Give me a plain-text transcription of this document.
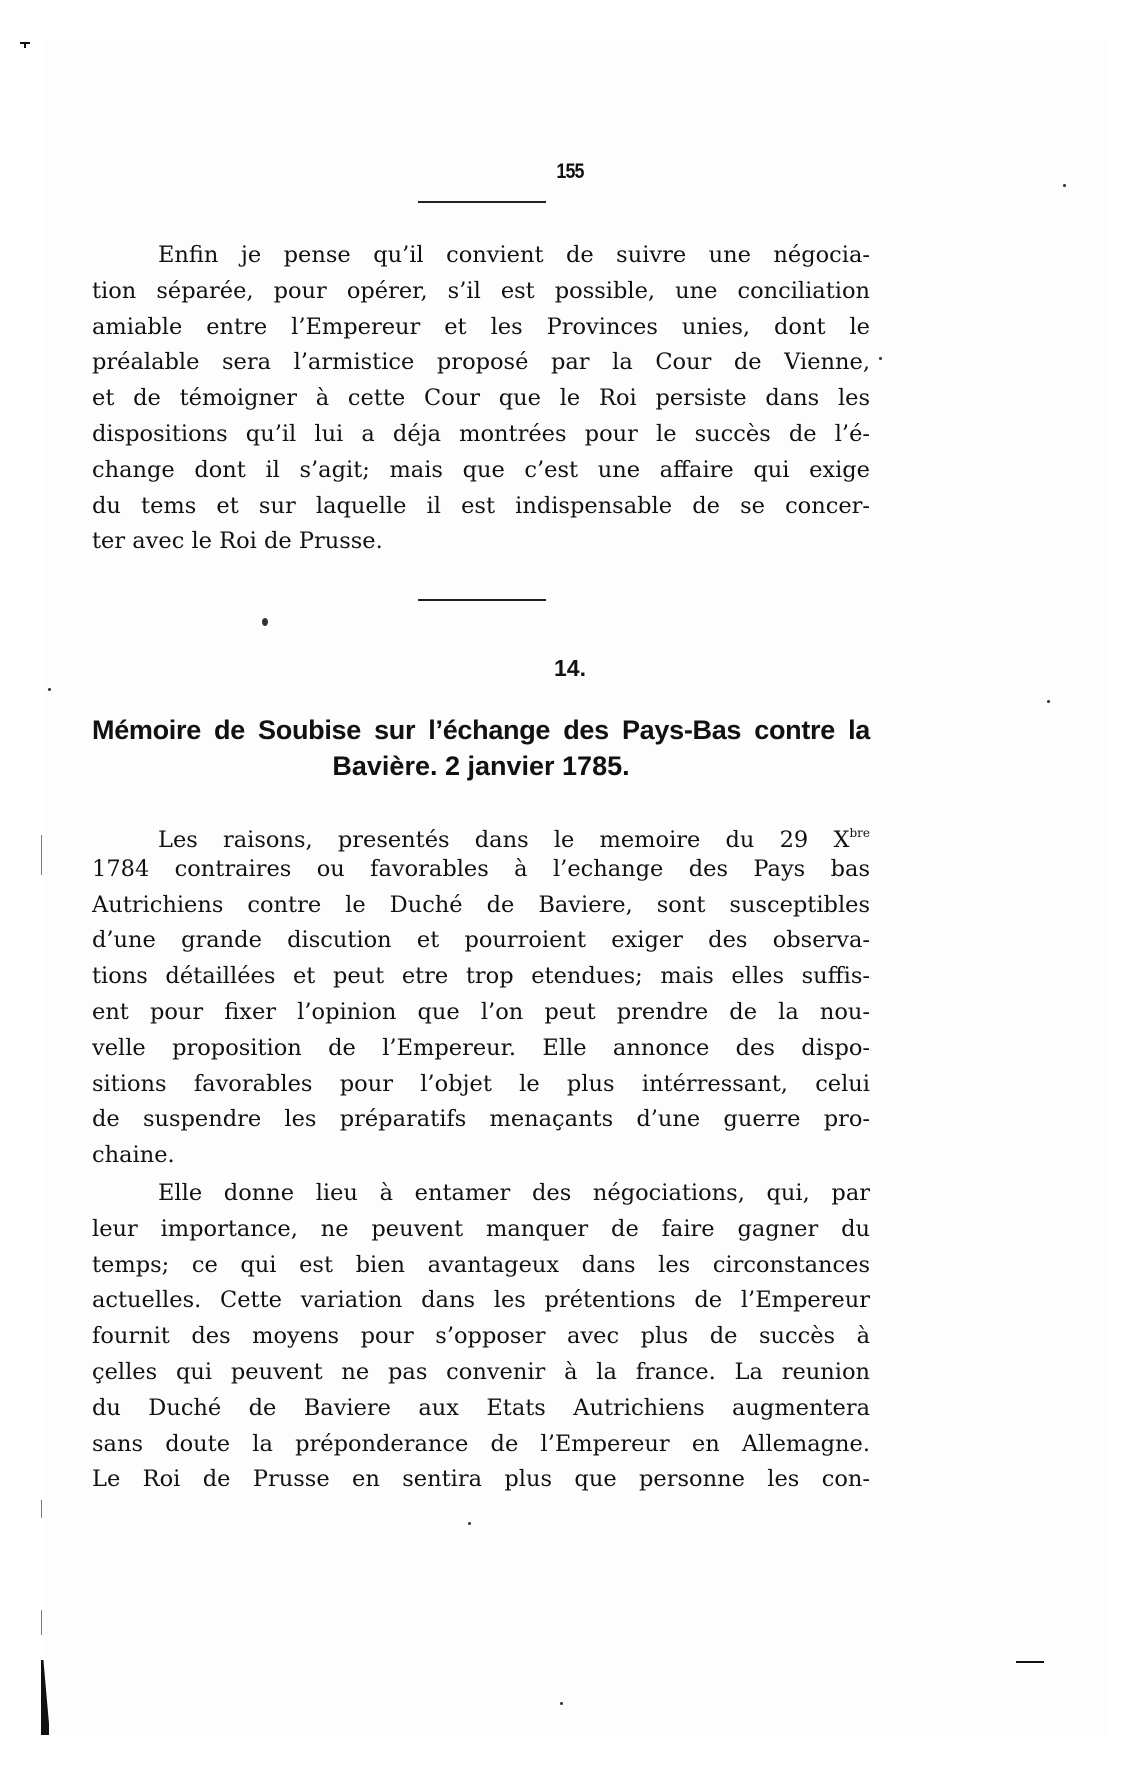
155
Enfin je pense qu’il convient de suivre une négocia-
tion séparée, pour opérer, s’il est possible, une conciliation
amiable entre l’Empereur et les Provinces unies, dont le
préalable sera l’armistice proposé par la Cour de Vienne,
et de témoigner à cette Cour que le Roi persiste dans les
dispositions qu’il lui a déja montrées pour le succès de l’é-
change dont il s’agit; mais que c’est une affaire qui exige
du tems et sur laquelle il est indispensable de se concer-
ter avec le Roi de Prusse.
14.
Mémoire de Soubise sur l’échange des Pays-Bas contre la
Bavière. 2 janvier 1785.
Les raisons, presentés dans le memoire du 29 $X^{bre}$
1784 contraires ou favorables à l’echange des Pays bas
Autrichiens contre le Duché de Baviere, sont susceptibles
d’une grande discution et pourroient exiger des observa-
tions détaillées et peut etre trop etendues; mais elles suffis-
ent pour fixer l’opinion que l’on peut prendre de la nou-
velle proposition de l’Empereur. Elle annonce des dispo-
sitions favorables pour l’objet le plus intérressant, celui
de suspendre les préparatifs menaçants d’une guerre pro-
chaine.
Elle donne lieu à entamer des négociations, qui, par
leur importance, ne peuvent manquer de faire gagner du
temps; ce qui est bien avantageux dans les circonstances
actuelles. Cette variation dans les prétentions de l’Empereur
fournit des moyens pour s’opposer avec plus de succès à
çelles qui peuvent ne pas convenir à la france. La reunion
du Duché de Baviere aux Etats Autrichiens augmentera
sans doute la préponderance de l’Empereur en Allemagne.
Le Roi de Prusse en sentira plus que personne les con-
